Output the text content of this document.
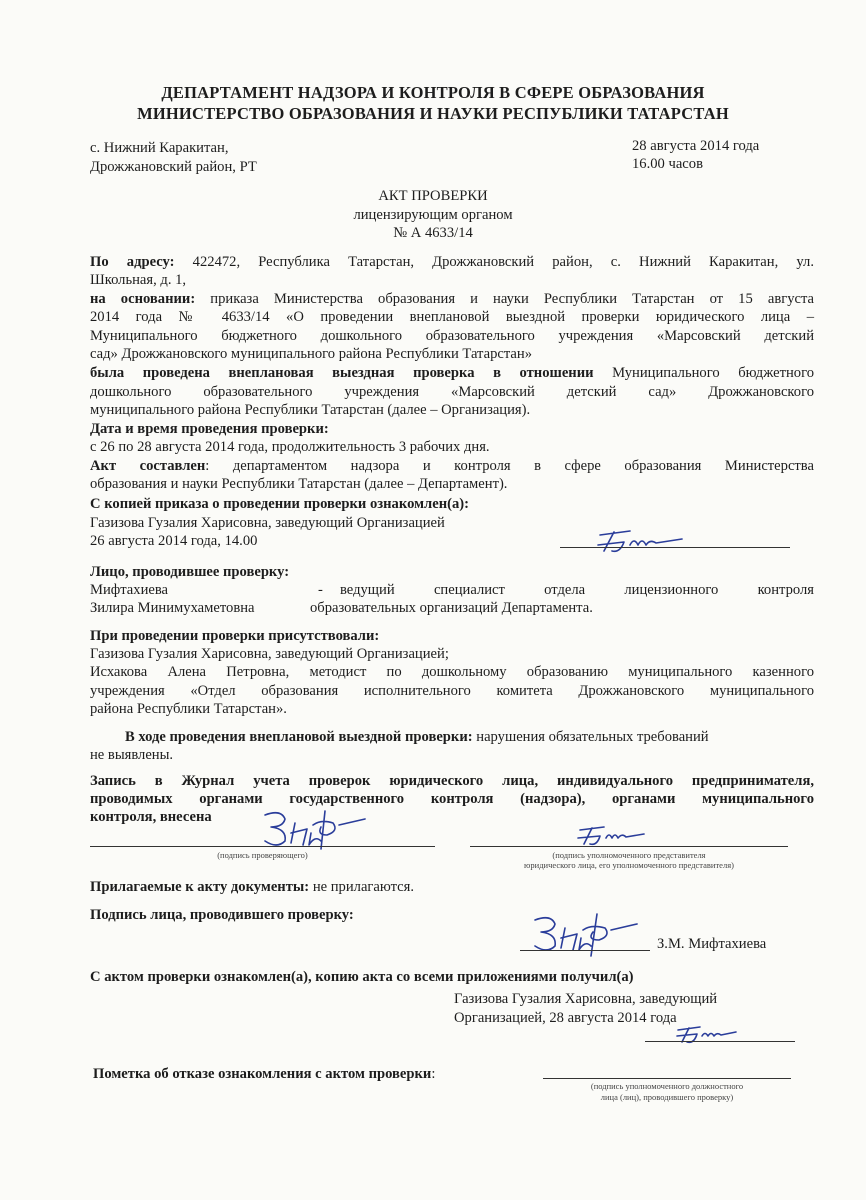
ДЕПАРТАМЕНТ НАДЗОРА И КОНТРОЛЯ В СФЕРЕ ОБРАЗОВАНИЯ
МИНИСТЕРСТВО ОБРАЗОВАНИЯ И НАУКИ РЕСПУБЛИКИ ТАТАРСТАН
с. Нижний Каракитан,
Дрожжановский район, РТ
28 августа 2014 года
16.00 часов
АКТ ПРОВЕРКИ
лицензирующим органом
№ А 4633/14
По адресу: 422472, Республика Татарстан, Дрожжановский район, с. Нижний Каракитан, ул.
Школьная, д. 1,
на основании: приказа Министерства образования и науки Республики Татарстан от 15 августа
2014 года № 4633/14 «О проведении внеплановой выездной проверки юридического лица –
Муниципального бюджетного дошкольного образовательного учреждения «Марсовский детский
сад» Дрожжановского муниципального района Республики Татарстан»
была проведена внеплановая выездная проверка в отношении Муниципального бюджетного
дошкольного образовательного учреждения «Марсовский детский сад» Дрожжановского
муниципального района Республики Татарстан (далее – Организация).
Дата и время проведения проверки:
с 26 по 28 августа 2014 года, продолжительность 3 рабочих дня.
Акт составлен: департаментом надзора и контроля в сфере образования Министерства
образования и науки Республики Татарстан (далее – Департамент).
С копией приказа о проведении проверки ознакомлен(а):
Газизова Гузалия Харисовна, заведующий Организацией
26 августа 2014 года, 14.00
Лицо, проводившее проверку:
Мифтахиева
Зилира Минимухаметовна
- ведущий специалист отдела лицензионного контроля
образовательных организаций Департамента.
При проведении проверки присутствовали:
Газизова Гузалия Харисовна, заведующий Организацией;
Исхакова Алена Петровна, методист по дошкольному образованию муниципального казенного
учреждения «Отдел образования исполнительного комитета Дрожжановского муниципального
района Республики Татарстан».
В ходе проведения внеплановой выездной проверки: нарушения обязательных требований
не выявлены.
Запись в Журнал учета проверок юридического лица, индивидуального предпринимателя,
проводимых органами государственного контроля (надзора), органами муниципального
контроля, внесена
(подпись проверяющего)	(подпись уполномоченного представителя
юридического лица, его уполномоченного представителя)
Прилагаемые к акту документы: не прилагаются.
Подпись лица, проводившего проверку:
З.М. Мифтахиева
С актом проверки ознакомлен(а), копию акта со всеми приложениями получил(а)
Газизова Гузалия Харисовна, заведующий
Организацией, 28 августа 2014 года
Пометка об отказе ознакомления с актом проверки:
(подпись уполномоченного должностного
лица (лиц), проводившего проверку)
